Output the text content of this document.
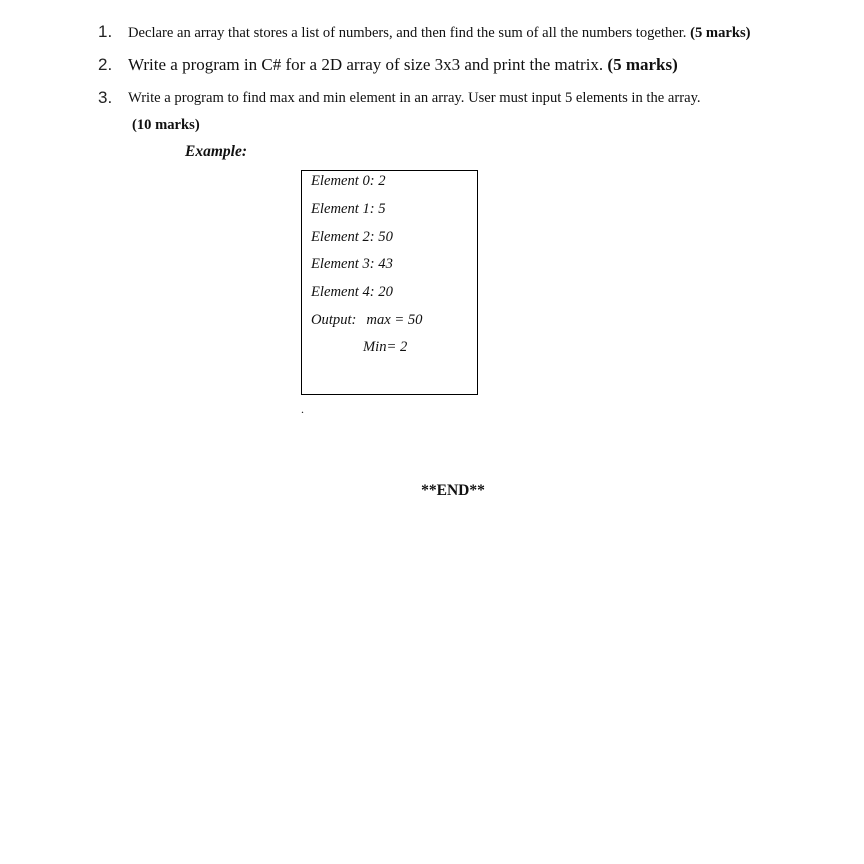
1. Declare an array that stores a list of numbers, and then find the sum of all the numbers together. (5 marks)
2. Write a program in C# for a 2D array of size 3x3 and print the matrix. (5 marks)
3. Write a program to find max and min element in an array. User must input 5 elements in the array.
(10 marks)
Example:
Element 0: 2
Element 1: 5
Element 2: 50
Element 3: 43
Element 4: 20
Output: max = 50
Min= 2
.
**END**
